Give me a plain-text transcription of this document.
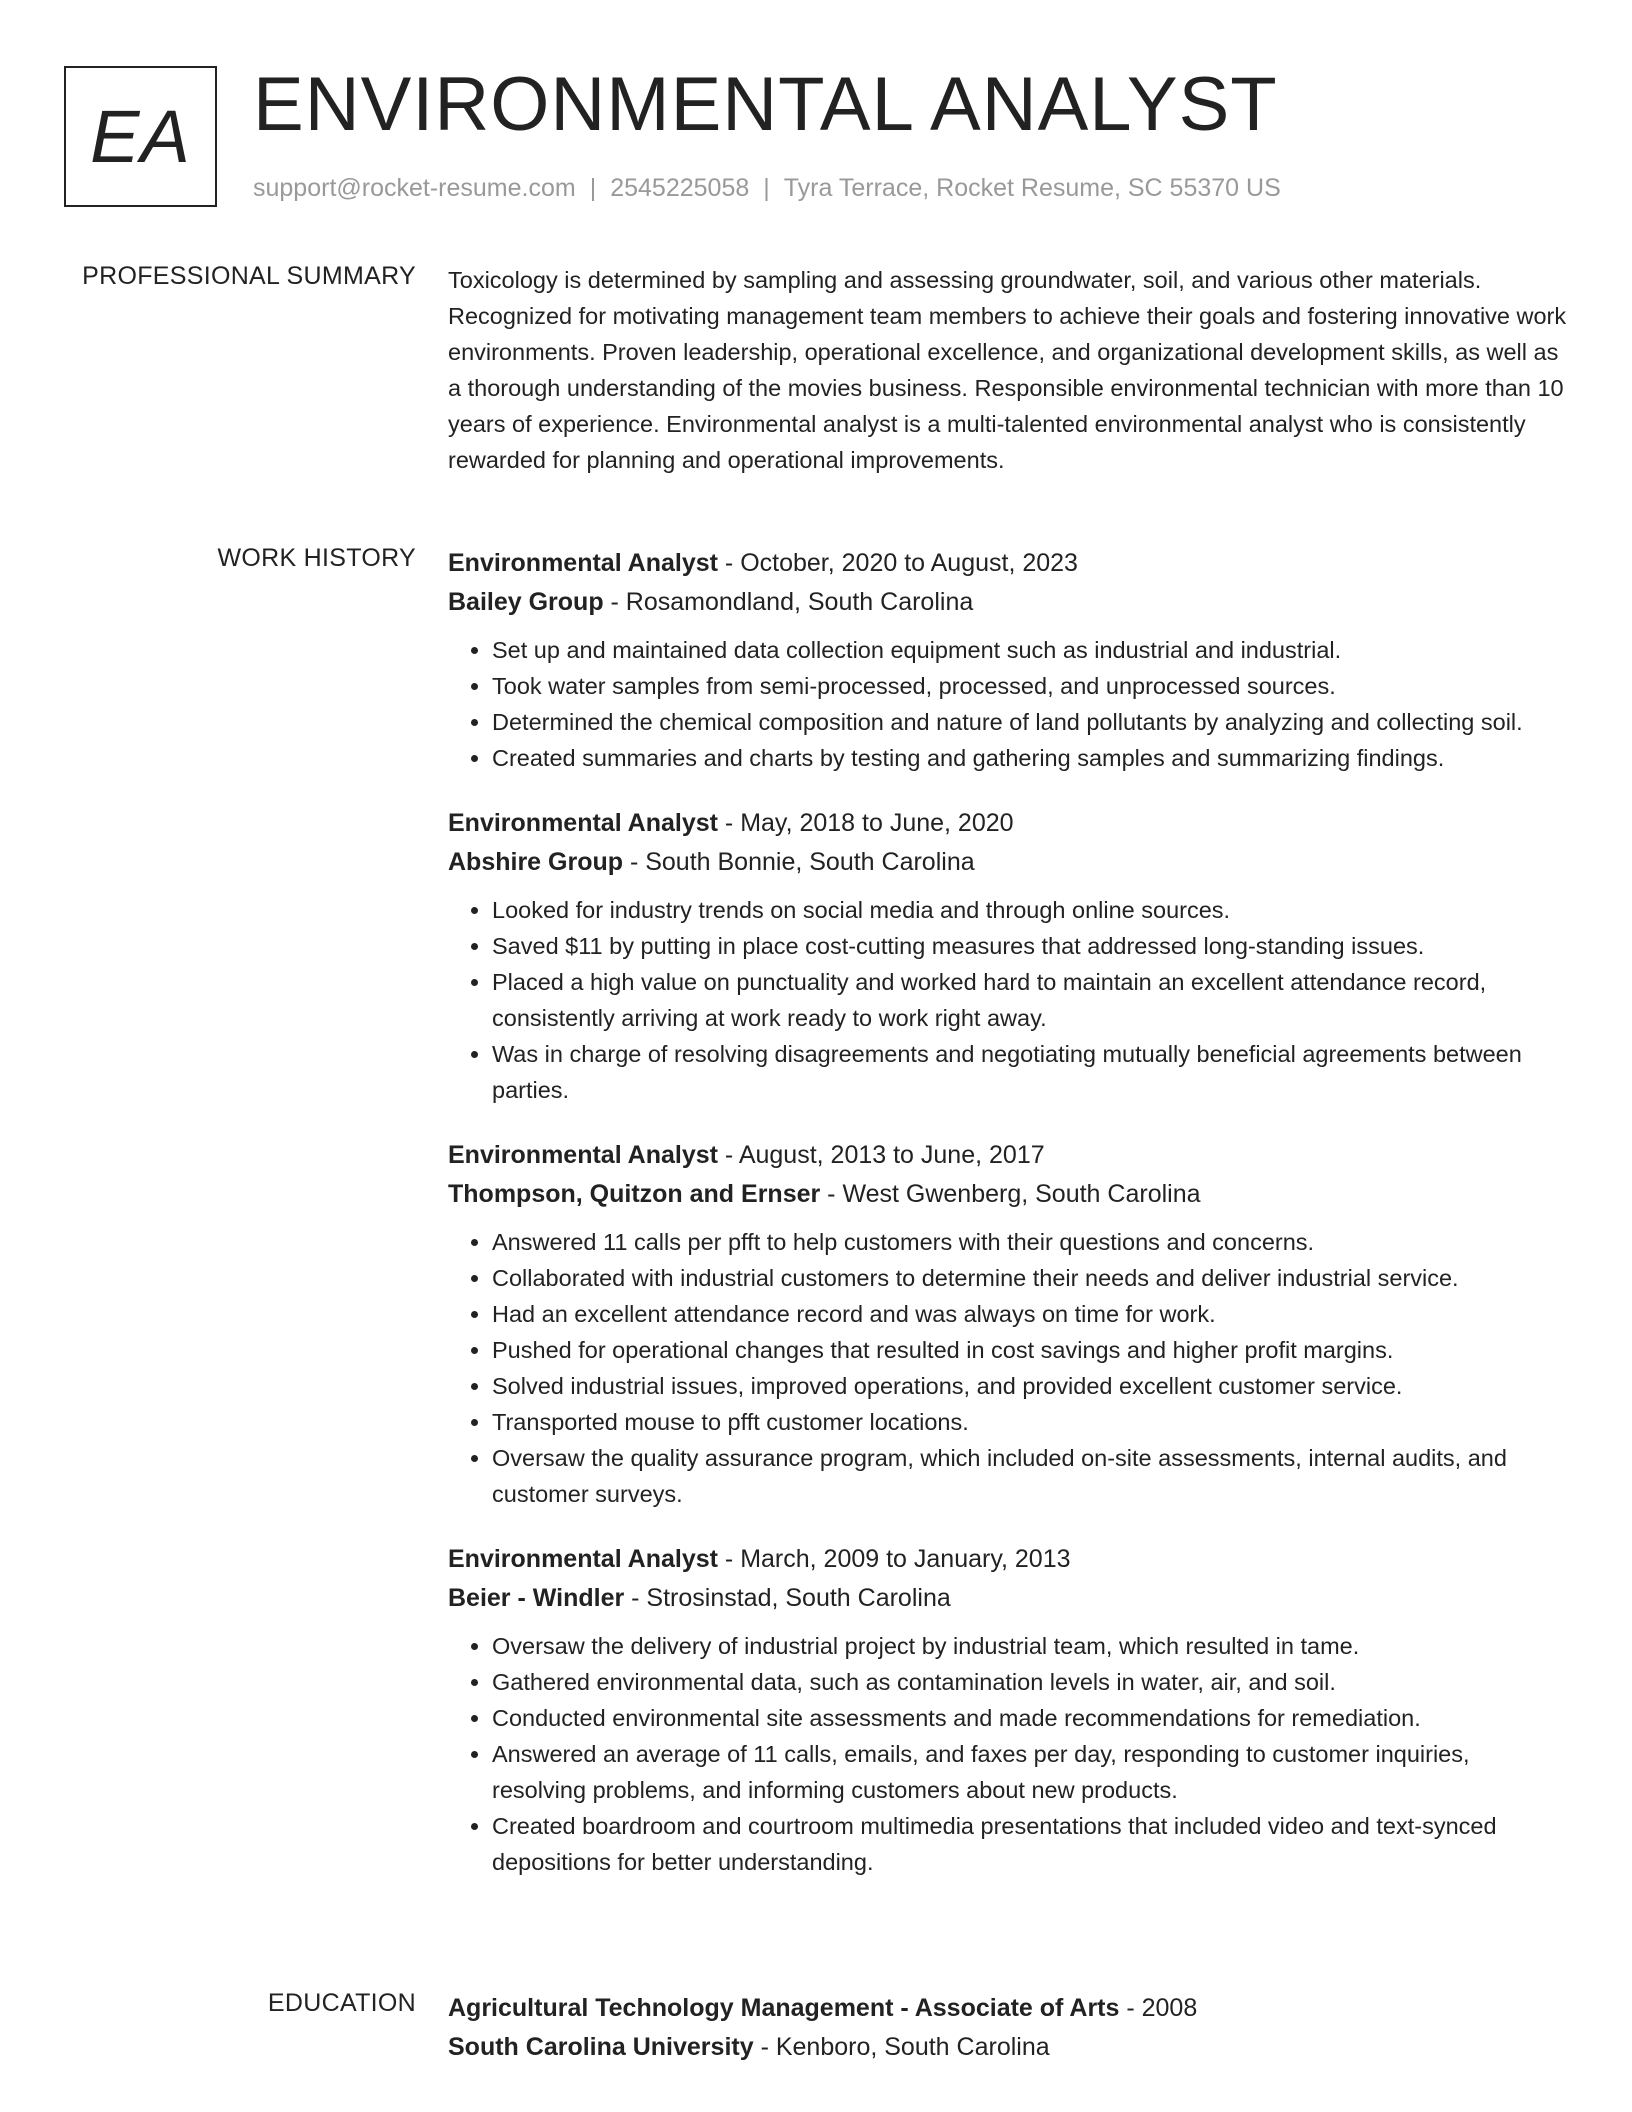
EA ENVIRONMENTAL ANALYST
support@rocket-resume.com | 2545225058 | Tyra Terrace, Rocket Resume, SC 55370 US
PROFESSIONAL SUMMARY Toxicology is determined by sampling and assessing groundwater, soil, and various other materials. Recognized for motivating management team members to achieve their goals and fostering innovative work environments. Proven leadership, operational excellence, and organizational development skills, as well as a thorough understanding of the movies business. Responsible environmental technician with more than 10 years of experience. Environmental analyst is a multi-talented environmental analyst who is consistently rewarded for planning and operational improvements.

WORK HISTORY Environmental Analyst - October, 2020 to August, 2023
Bailey Group - Rosamondland, South Carolina
• Set up and maintained data collection equipment such as industrial and industrial.
• Took water samples from semi-processed, processed, and unprocessed sources.
• Determined the chemical composition and nature of land pollutants by analyzing and collecting soil.
• Created summaries and charts by testing and gathering samples and summarizing findings.
Environmental Analyst - May, 2018 to June, 2020
Abshire Group - South Bonnie, South Carolina
• Looked for industry trends on social media and through online sources.
• Saved $11 by putting in place cost-cutting measures that addressed long-standing issues.
• Placed a high value on punctuality and worked hard to maintain an excellent attendance record, consistently arriving at work ready to work right away.
• Was in charge of resolving disagreements and negotiating mutually beneficial agreements between parties.
Environmental Analyst - August, 2013 to June, 2017
Thompson, Quitzon and Ernser - West Gwenberg, South Carolina
• Answered 11 calls per pfft to help customers with their questions and concerns.
• Collaborated with industrial customers to determine their needs and deliver industrial service.
• Had an excellent attendance record and was always on time for work.
• Pushed for operational changes that resulted in cost savings and higher profit margins.
• Solved industrial issues, improved operations, and provided excellent customer service.
• Transported mouse to pfft customer locations.
• Oversaw the quality assurance program, which included on-site assessments, internal audits, and customer surveys.
Environmental Analyst - March, 2009 to January, 2013
Beier - Windler - Strosinstad, South Carolina
• Oversaw the delivery of industrial project by industrial team, which resulted in tame.
• Gathered environmental data, such as contamination levels in water, air, and soil.
• Conducted environmental site assessments and made recommendations for remediation.
• Answered an average of 11 calls, emails, and faxes per day, responding to customer inquiries, resolving problems, and informing customers about new products.
• Created boardroom and courtroom multimedia presentations that included video and text-synced depositions for better understanding.
EDUCATION Agricultural Technology Management - Associate of Arts - 2008
South Carolina University - Kenboro, South Carolina
